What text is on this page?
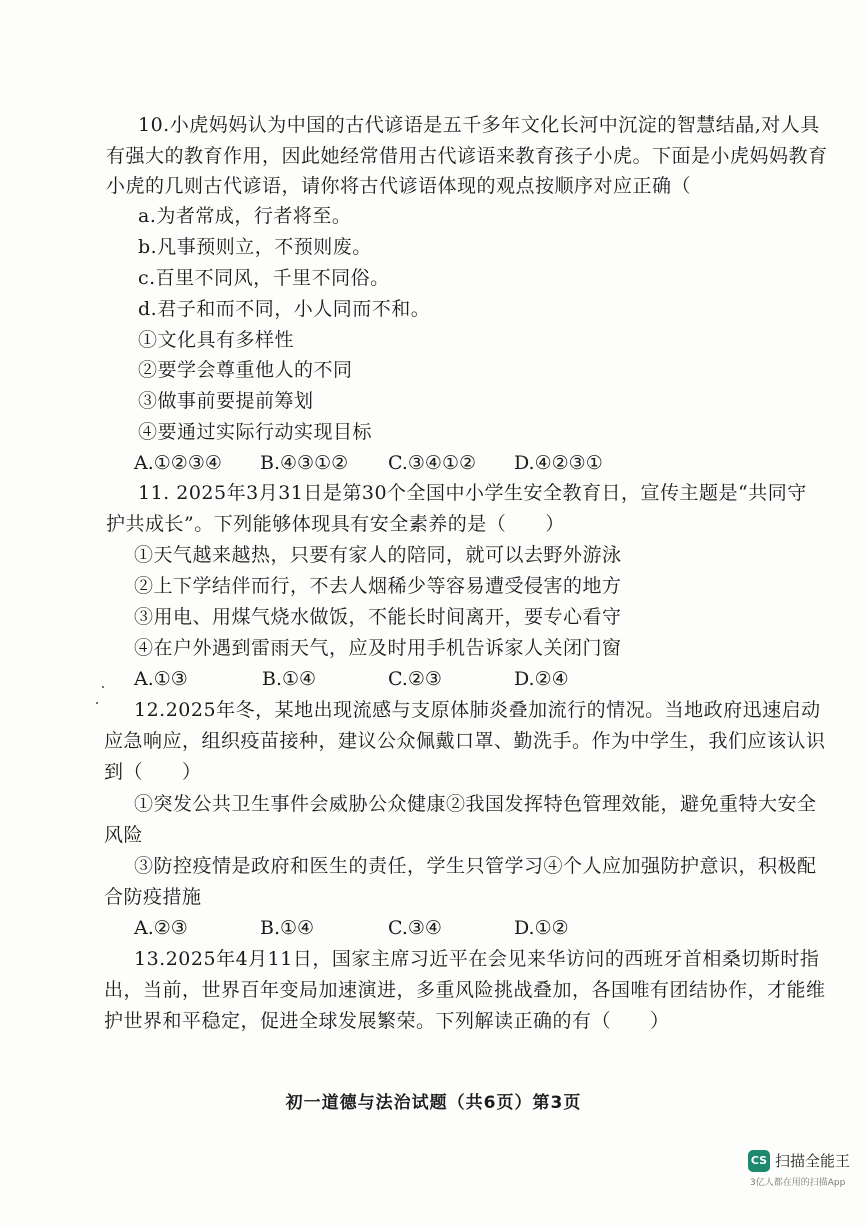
10.小虎妈妈认为中国的古代谚语是五千多年文化长河中沉淀的智慧结晶,对人具
有强大的教育作用，因此她经常借用古代谚语来教育孩子小虎。下面是小虎妈妈教育
小虎的几则古代谚语，请你将古代谚语体现的观点按顺序对应正确（
a.为者常成，行者将至。
b.凡事预则立，不预则废。
c.百里不同风，千里不同俗。
d.君子和而不同，小人同而不和。
①文化具有多样性
②要学会尊重他人的不同
③做事前要提前筹划
④要通过实际行动实现目标
A.①②③④ B.④③①② C.③④①② D.④②③①
11. 2025年3月31日是第30个全国中小学生安全教育日，宣传主题是“共同守
护共成长”。下列能够体现具有安全素养的是（　　）
①天气越来越热，只要有家人的陪同，就可以去野外游泳
②上下学结伴而行，不去人烟稀少等容易遭受侵害的地方
③用电、用煤气烧水做饭，不能长时间离开，要专心看守
④在户外遇到雷雨天气，应及时用手机告诉家人关闭门窗
A.①③	B.①④	C.②③	D.②④
12.2025年冬，某地出现流感与支原体肺炎叠加流行的情况。当地政府迅速启动
应急响应，组织疫苗接种，建议公众佩戴口罩、勤洗手。作为中学生，我们应该认识
到（　　）
①突发公共卫生事件会威胁公众健康②我国发挥特色管理效能，避免重特大安全
风险
③防控疫情是政府和医生的责任，学生只管学习④个人应加强防护意识，积极配
合防疫措施
A.②③	B.①④	C.③④	D.①②
13.2025年4月11日，国家主席习近平在会见来华访问的西班牙首相桑切斯时指
出，当前，世界百年变局加速演进，多重风险挑战叠加，各国唯有团结协作，才能维
护世界和平稳定，促进全球发展繁荣。下列解读正确的有（　　）
初一道德与法治试题（共6页）第3页
CS 扫描全能王
3亿人都在用的扫描App
